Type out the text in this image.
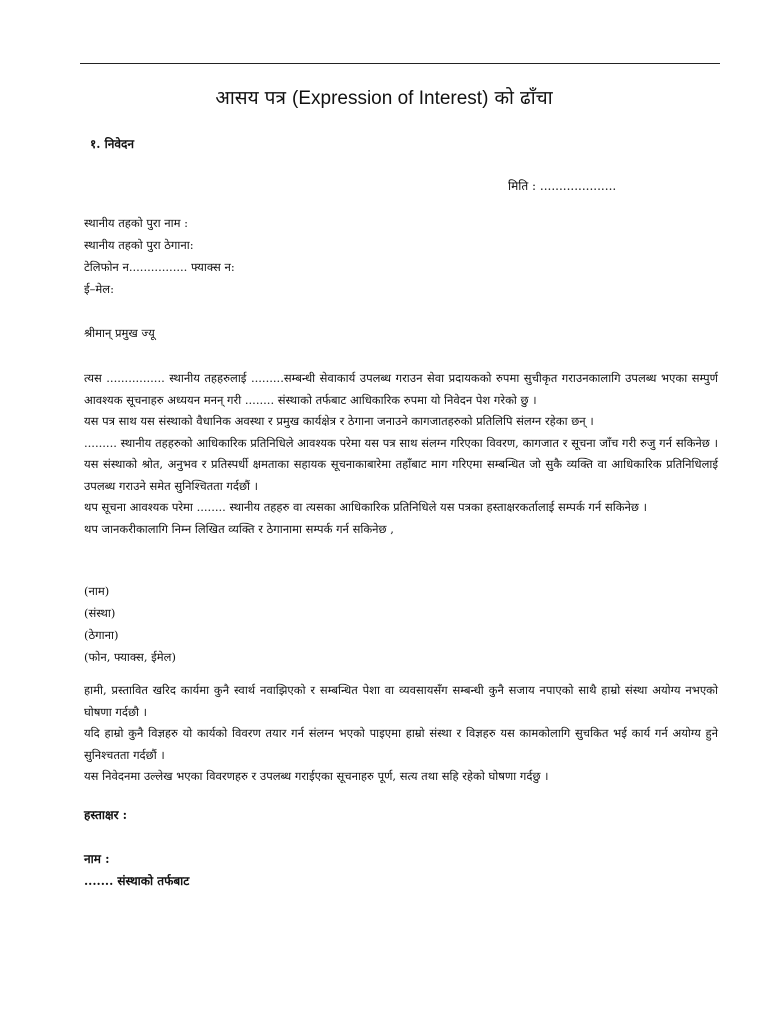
आसय पत्र (Expression of Interest) को ढाँचा
१. निवेदन
मिति : ....................
स्थानीय तहको पुरा नाम :
स्थानीय तहको पुरा ठेगाना:
टेलिफोन न................ फ्याक्स न:
ई–मेल:
श्रीमान् प्रमुख ज्यू
त्यस ................ स्थानीय तहहरुलाई .........सम्बन्धी सेवाकार्य उपलब्ध गराउन सेवा प्रदायकको रुपमा सुचीकृत गराउनकालागि उपलब्ध भएका सम्पुर्ण आवश्यक सूचनाहरु अध्ययन मनन् गरी ........ संस्थाको तर्फबाट आधिकारिक रुपमा यो निवेदन पेश गरेको छु ।
यस पत्र साथ यस संस्थाको वैधानिक अवस्था र प्रमुख कार्यक्षेत्र र ठेगाना जनाउने कागजातहरुको प्रतिलिपि संलग्न रहेका छन् ।
......... स्थानीय तहहरुको आधिकारिक प्रतिनिधिले आवश्यक परेमा यस पत्र साथ संलग्न गरिएका विवरण, कागजात र सूचना जाँच गरी रुजु गर्न सकिनेछ । यस संस्थाको श्रोत, अनुभव र प्रतिस्पर्धी क्षमताका सहायक सूचनाकाबारेमा तहाँबाट माग गरिएमा सम्बन्धित जो सुकै व्यक्ति वा आधिकारिक प्रतिनिधिलाई उपलब्ध गराउने समेत सुनिश्चितता गर्दछौं ।
थप सूचना आवश्यक परेमा ........ स्थानीय तहहरु वा त्यसका आधिकारिक प्रतिनिधिले यस पत्रका हस्ताक्षरकर्तालाई सम्पर्क गर्न सकिनेछ ।
थप जानकरीकालागि निम्न लिखित व्यक्ति र ठेगानामा सम्पर्क गर्न सकिनेछ ,
(नाम)
(संस्था)
(ठेगाना)
(फोन, फ्याक्स, ईमेल)
हामी, प्रस्तावित खरिद कार्यमा कुनै स्वार्थ नवाझिएको र सम्बन्धित पेशा वा व्यवसायसँग सम्बन्धी कुनै सजाय नपाएको साथै हाम्रो संस्था अयोग्य नभएको घोषणा गर्दछौ ।
यदि हाम्रो कुनै विज्ञहरु यो कार्यको विवरण तयार गर्न संलग्न भएको पाइएमा हाम्रो संस्था र विज्ञहरु यस कामकोलागि सुचकित भई कार्य गर्न अयोग्य हुने सुनिश्चतता गर्दछौं ।
यस निवेदनमा उल्लेख भएका विवरणहरु र उपलब्ध गराईएका सूचनाहरु पूर्ण, सत्य तथा सहि रहेको घोषणा गर्दछु ।
हस्ताक्षर :
नाम :
....... संस्थाको तर्फबाट
